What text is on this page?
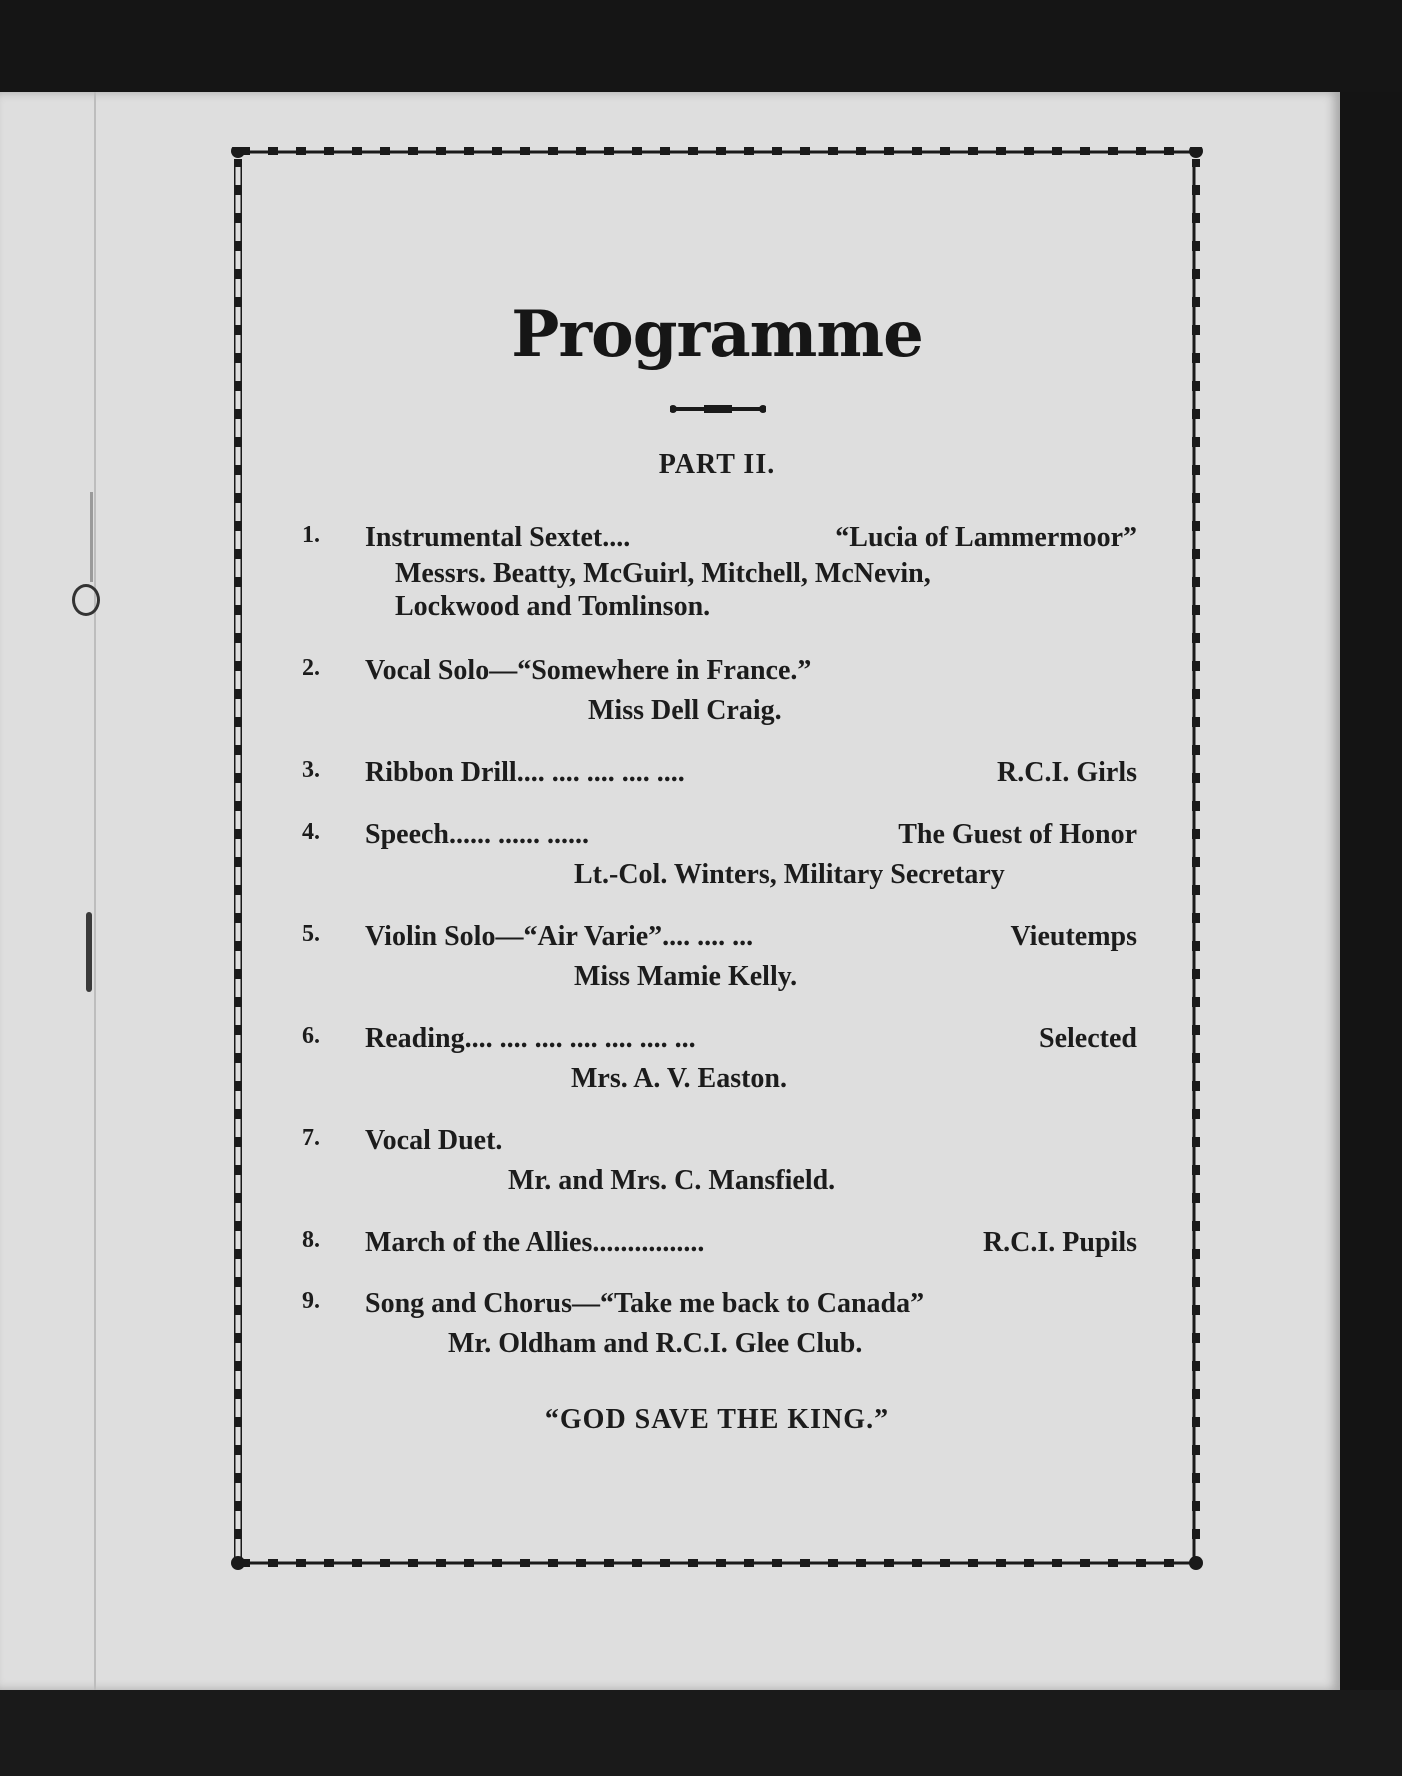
Programme
PART II.
1.	Instrumental Sextet....	“Lucia of Lammermoor”
Messrs. Beatty, McGuirl, Mitchell, McNevin,
Lockwood and Tomlinson.
2.	Vocal Solo—“Somewhere in France.”
Miss Dell Craig.
3.	Ribbon Drill.... .... .... .... ....	R.C.I. Girls
4.	Speech...... ...... ......	The Guest of Honor
Lt.-Col. Winters, Military Secretary
5.	Violin Solo—“Air Varie”.... .... ...	Vieutemps
Miss Mamie Kelly.
6.	Reading.... .... .... .... .... .... ...	Selected
Mrs. A. V. Easton.
7.	Vocal Duet.
Mr. and Mrs. C. Mansfield.
8.	March of the Allies................	R.C.I. Pupils
9.	Song and Chorus—“Take me back to Canada”
Mr. Oldham and R.C.I. Glee Club.
“GOD SAVE THE KING.”
